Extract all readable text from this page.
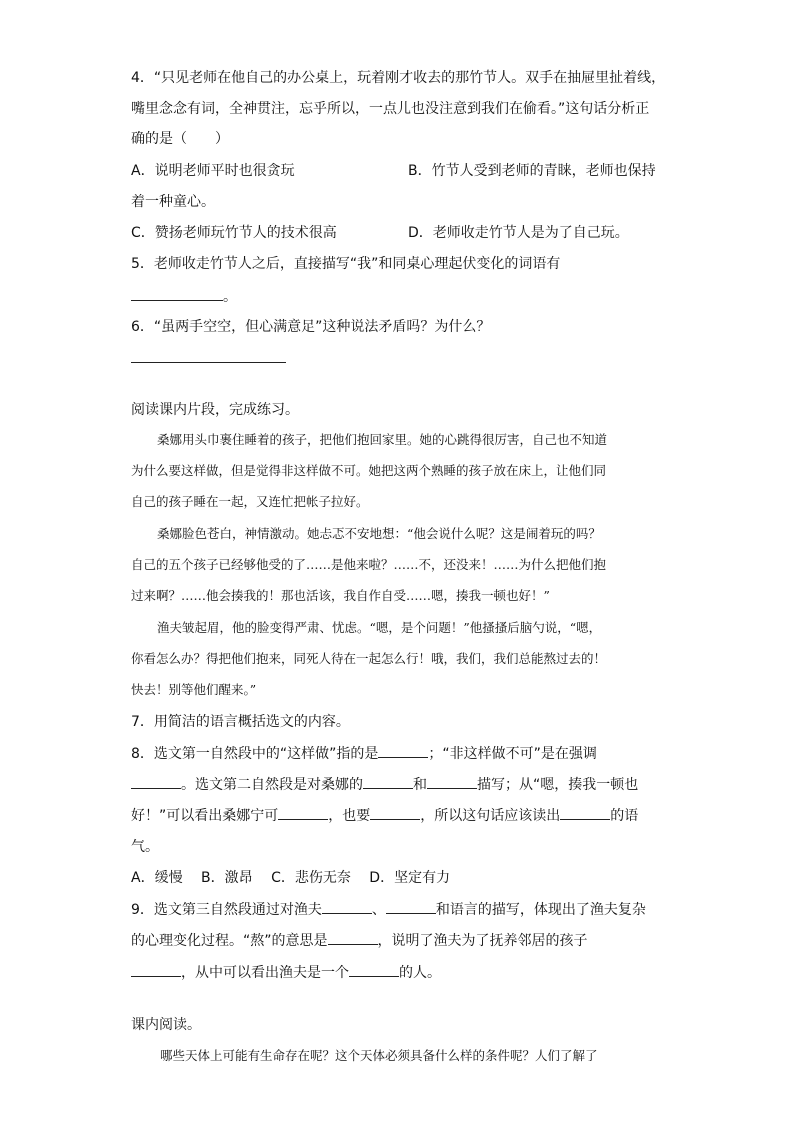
4．“只见老师在他自己的办公桌上，玩着刚才收去的那竹节人。双手在抽屉里扯着线，
嘴里念念有词，全神贯注，忘乎所以，一点儿也没注意到我们在偷看。”这句话分析正
确的是（　　）
A．说明老师平时也很贪玩	B．竹节人受到老师的青睐，老师也保持
着一种童心。
C．赞扬老师玩竹节人的技术很高	D．老师收走竹节人是为了自己玩。
5．老师收走竹节人之后，直接描写“我”和同桌心理起伏变化的词语有
。
6．“虽两手空空，但心满意足”这种说法矛盾吗？为什么？
阅读课内片段，完成练习。
桑娜用头巾裹住睡着的孩子，把他们抱回家里。她的心跳得很厉害，自己也不知道
为什么要这样做，但是觉得非这样做不可。她把这两个熟睡的孩子放在床上，让他们同
自己的孩子睡在一起，又连忙把帐子拉好。
桑娜脸色苍白，神情激动。她忐忑不安地想：“他会说什么呢？这是闹着玩的吗？
自己的五个孩子已经够他受的了……是他来啦？……不，还没来！……为什么把他们抱
过来啊？……他会揍我的！那也活该，我自作自受……嗯，揍我一顿也好！”
渔夫皱起眉，他的脸变得严肃、忧虑。“嗯，是个问题！”他搔搔后脑勺说，“嗯，
你看怎么办？得把他们抱来，同死人待在一起怎么行！哦，我们，我们总能熬过去的！
快去！别等他们醒来。”
7．用简洁的语言概括选文的内容。
8．选文第一自然段中的“这样做”指的是	；“非这样做不可”是在强调
。选文第二自然段是对桑娜的	和	描写；从“嗯，揍我一顿也
好！”可以看出桑娜宁可	，也要	，所以这句话应该读出	的语
气。
A．缓慢　 B．激昂　 C．悲伤无奈　 D．坚定有力
9．选文第三自然段通过对渔夫	、	和语言的描写，体现出了渔夫复杂
的心理变化过程。“熬”的意思是	，说明了渔夫为了抚养邻居的孩子
，从中可以看出渔夫是一个	的人。
课内阅读。
哪些天体上可能有生命存在呢？这个天体必须具备什么样的条件呢？人们了解了
